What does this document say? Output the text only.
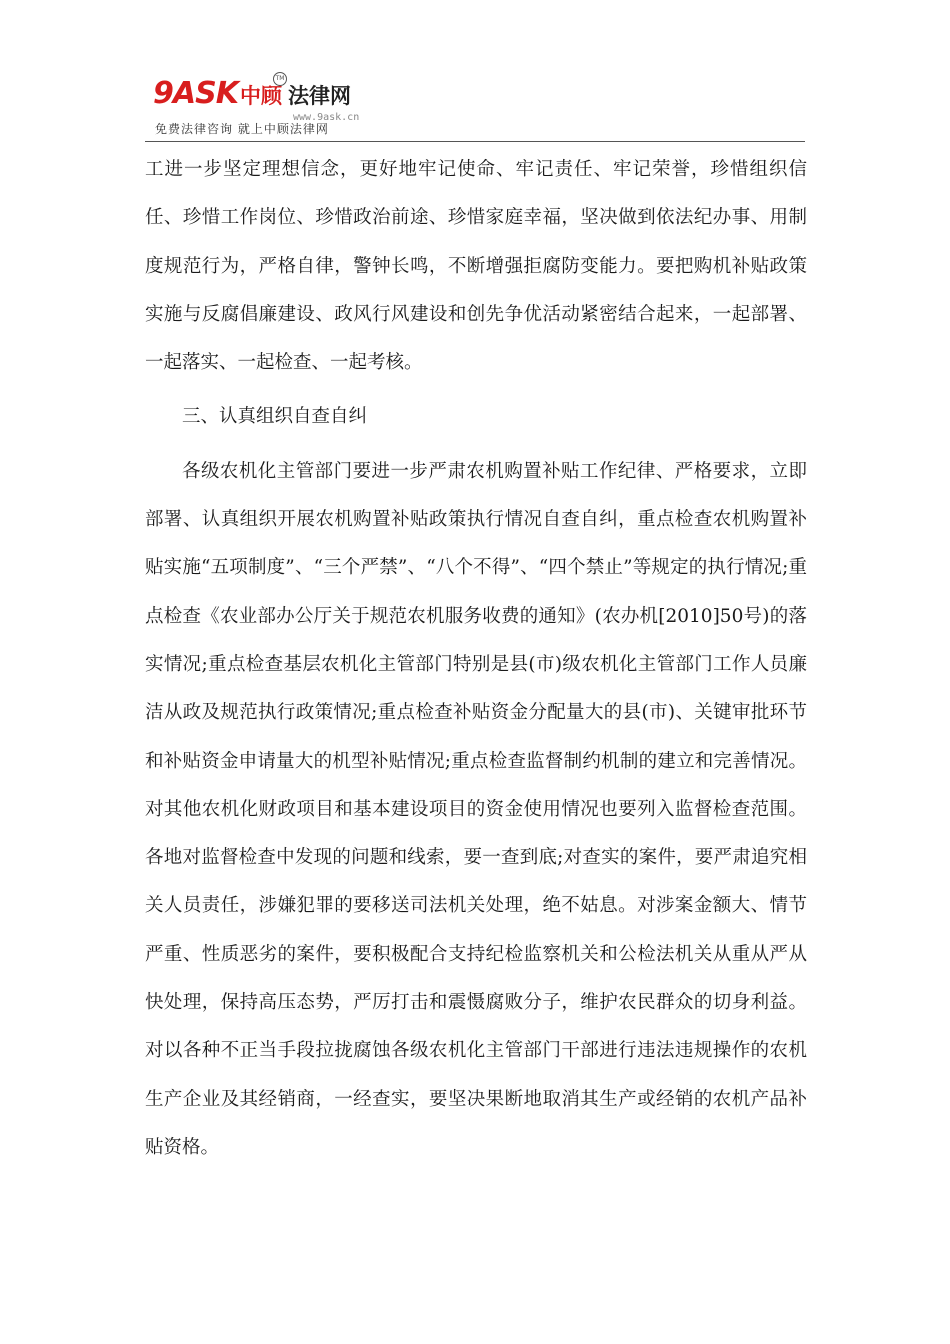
9ASK 中顾 法律网
TM
www.9ask.cn
免费法律咨询 就上中顾法律网

工进一步坚定理想信念，更好地牢记使命、牢记责任、牢记荣誉，珍惜组织信任、珍惜工作岗位、珍惜政治前途、珍惜家庭幸福，坚决做到依法纪办事、用制度规范行为，严格自律，警钟长鸣，不断增强拒腐防变能力。要把购机补贴政策实施与反腐倡廉建设、政风行风建设和创先争优活动紧密结合起来，一起部署、一起落实、一起检查、一起考核。

三、认真组织自查自纠

各级农机化主管部门要进一步严肃农机购置补贴工作纪律、严格要求，立即部署、认真组织开展农机购置补贴政策执行情况自查自纠，重点检查农机购置补贴实施“五项制度”、“三个严禁”、“八个不得”、“四个禁止”等规定的执行情况;重点检查《农业部办公厅关于规范农机服务收费的通知》(农办机[2010]50号)的落实情况;重点检查基层农机化主管部门特别是县(市)级农机化主管部门工作人员廉洁从政及规范执行政策情况;重点检查补贴资金分配量大的县(市)、关键审批环节和补贴资金申请量大的机型补贴情况;重点检查监督制约机制的建立和完善情况。对其他农机化财政项目和基本建设项目的资金使用情况也要列入监督检查范围。各地对监督检查中发现的问题和线索，要一查到底;对查实的案件，要严肃追究相关人员责任，涉嫌犯罪的要移送司法机关处理，绝不姑息。对涉案金额大、情节严重、性质恶劣的案件，要积极配合支持纪检监察机关和公检法机关从重从严从快处理，保持高压态势，严厉打击和震慑腐败分子，维护农民群众的切身利益。对以各种不正当手段拉拢腐蚀各级农机化主管部门干部进行违法违规操作的农机生产企业及其经销商，一经查实，要坚决果断地取消其生产或经销的农机产品补贴资格。
